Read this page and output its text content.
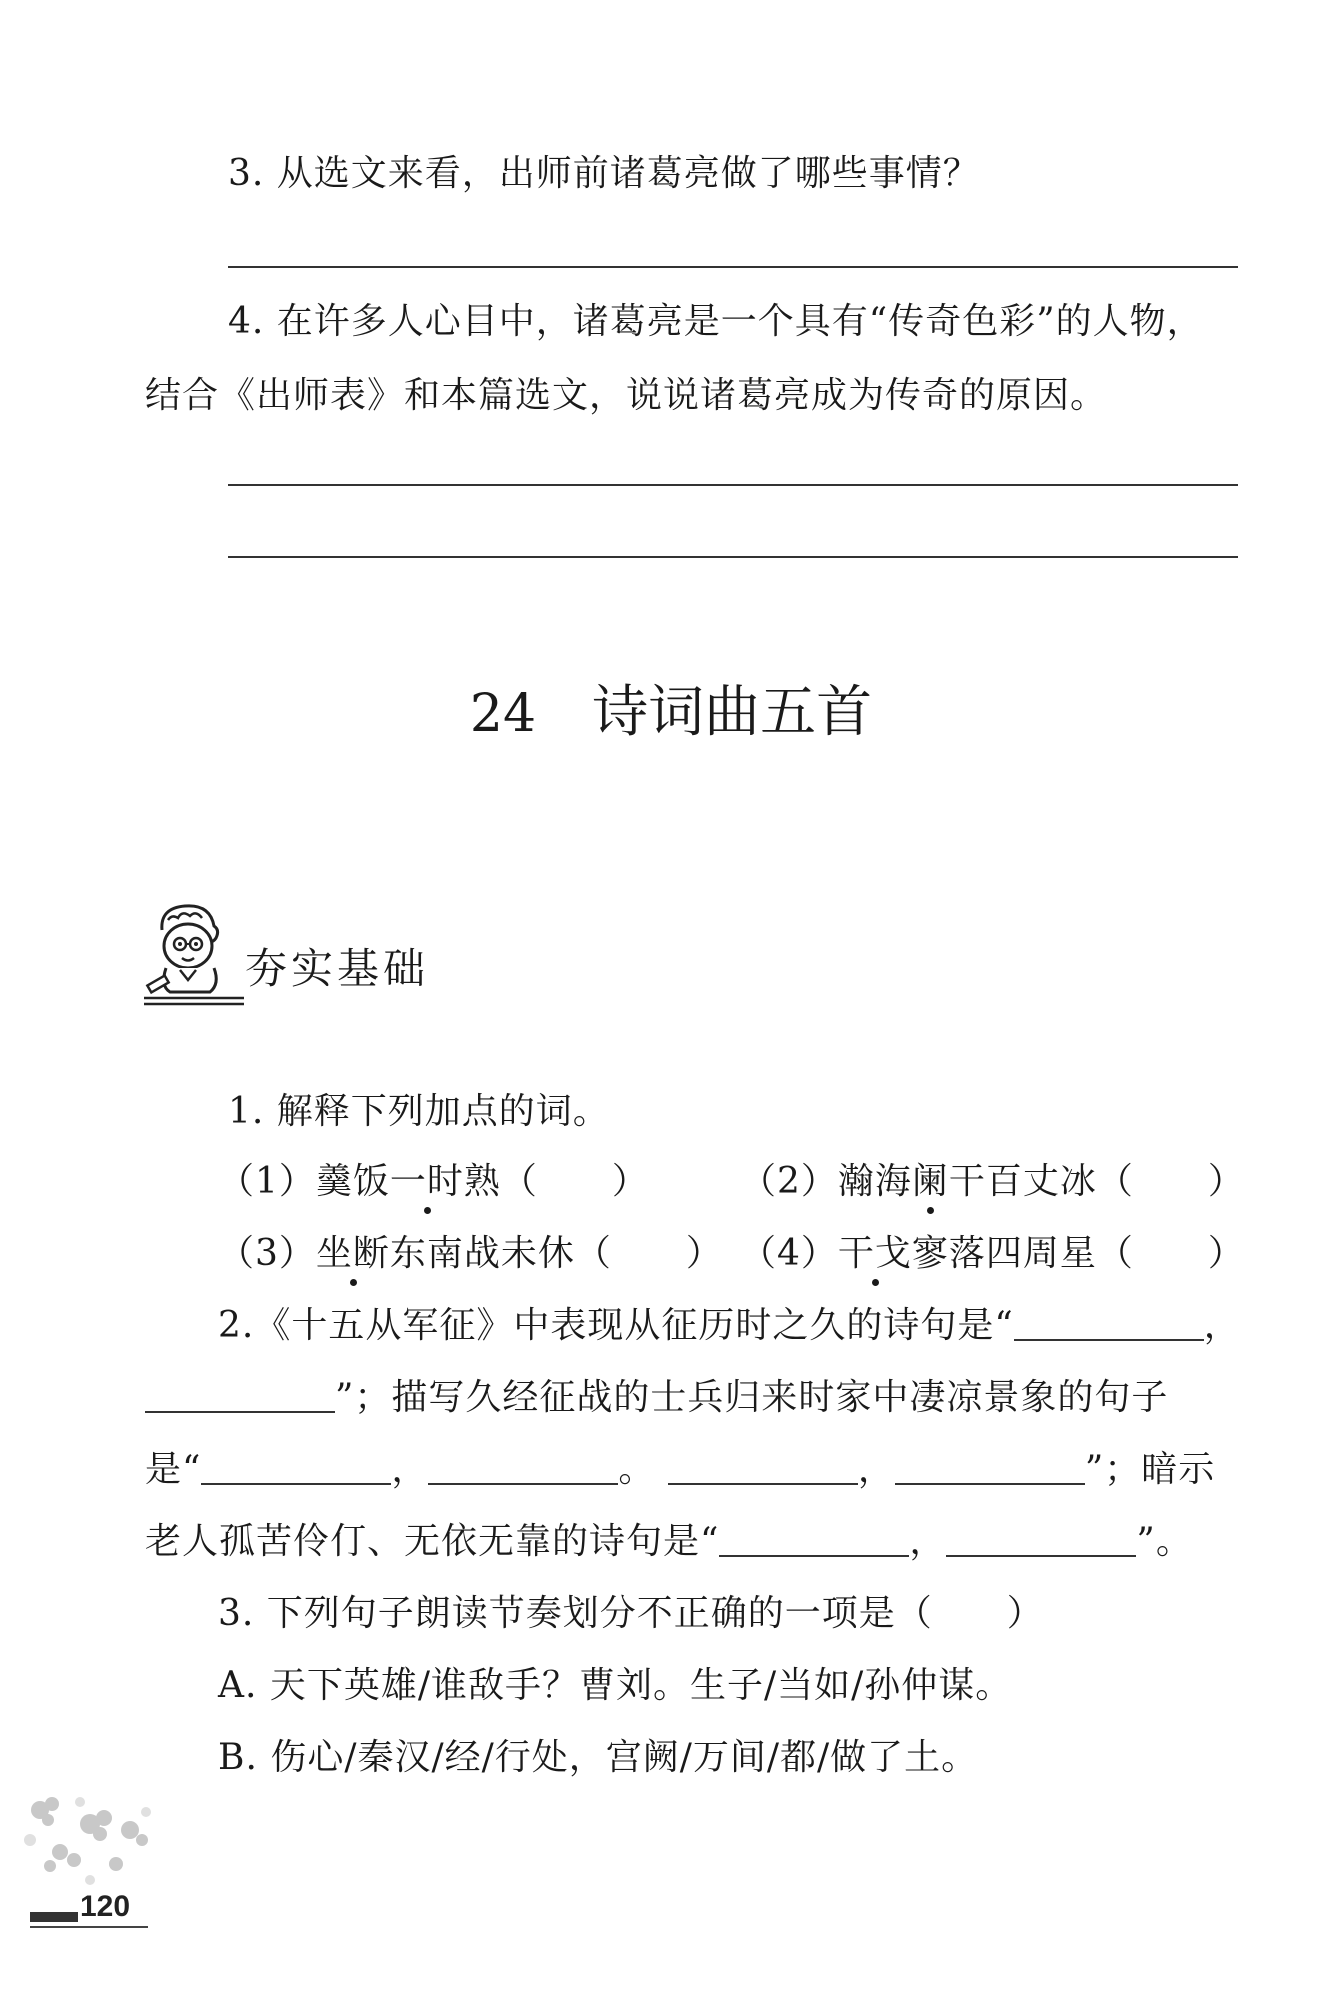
3. 从选文来看，出师前诸葛亮做了哪些事情？
4. 在许多人心目中，诸葛亮是一个具有“传奇色彩”的人物，
结合《出师表》和本篇选文，说说诸葛亮成为传奇的原因。
24 诗词曲五首
夯实基础
1. 解释下列加点的词。
（1）羹饭一时熟（　　）	（2）瀚海阑干百丈冰（　　）
（3）坐断东南战未休（　　） （4）干戈寥落四周星（　　）
2.《十五从军征》中表现从征历时之久的诗句是“	，
”；描写久经征战的士兵归来时家中凄凉景象的句子
是“	，	。	，	”；暗示
老人孤苦伶仃、无依无靠的诗句是“	，	”。
3. 下列句子朗读节奏划分不正确的一项是（　　）
A. 天下英雄/谁敌手？曹刘。生子/当如/孙仲谋。
B. 伤心/秦汉/经/行处，宫阙/万间/都/做了土。
120
